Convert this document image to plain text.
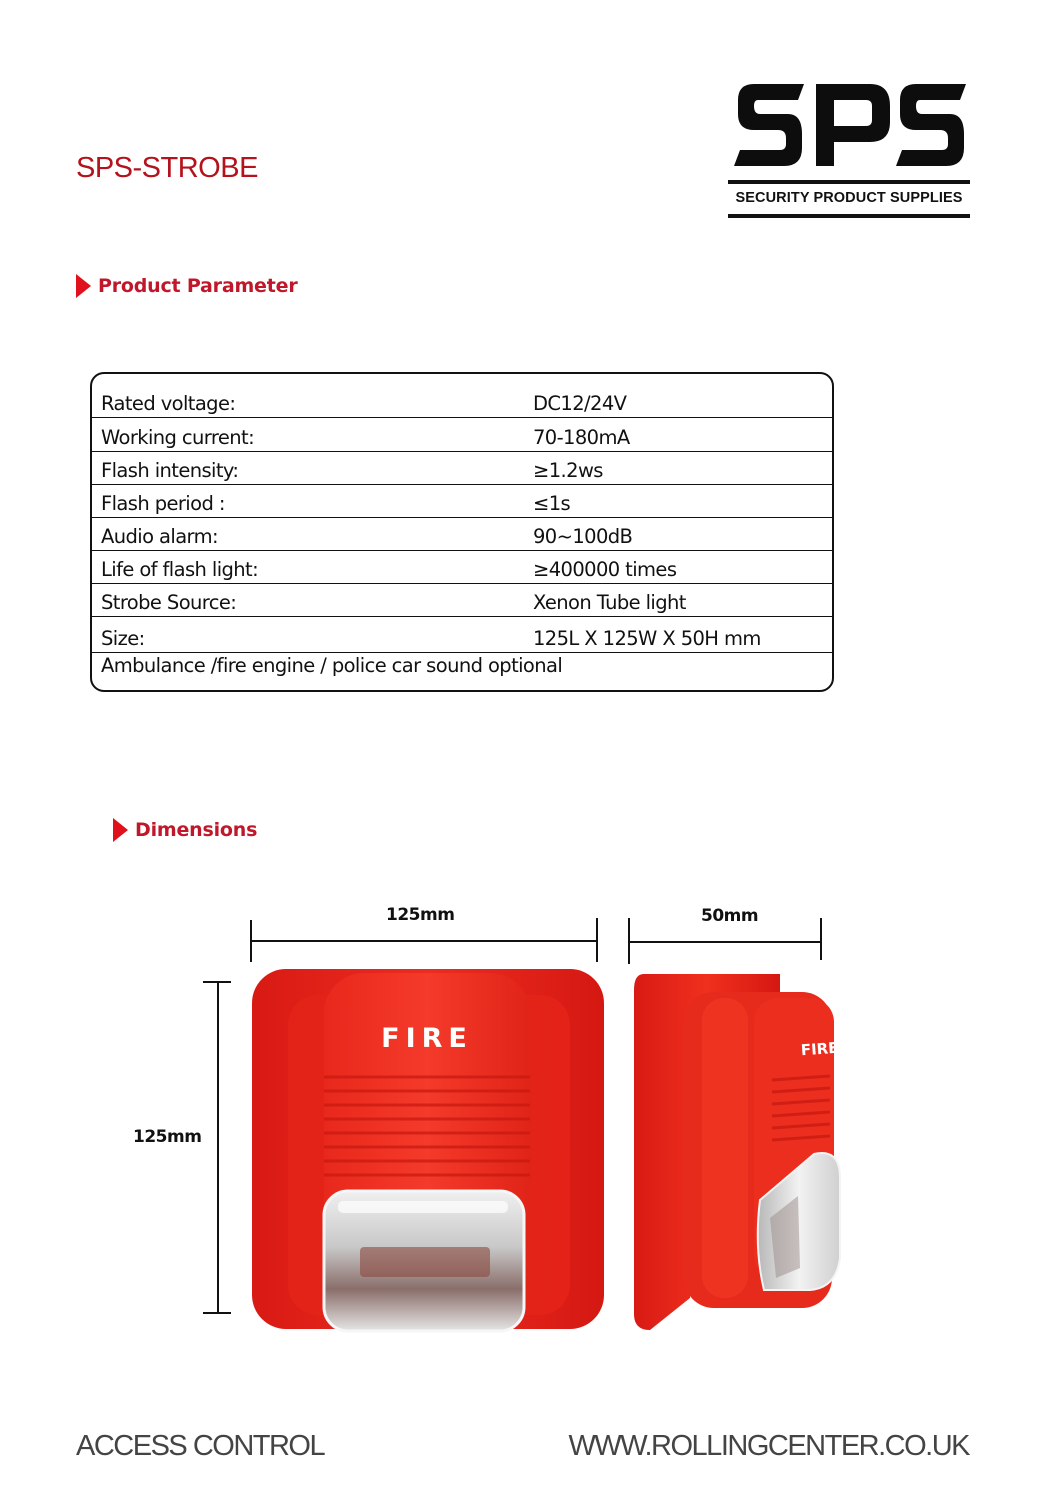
SPS-STROBE
SECURITY PRODUCT SUPPLIES
Product Parameter
Rated voltage:	DC12/24V
Working current:	70-180mA
Flash intensity:	≥1.2ws
Flash period :	≤1s
Audio alarm:	90~100dB
Life of flash light:	≥400000 times
Strobe Source:	Xenon Tube light
Size:	125L X 125W X 50H mm
Ambulance /fire engine / police car sound optional
Dimensions
125mm	50mm
125mm
FIRE	FIRE
ACCESS CONTROL	WWW.ROLLINGCENTER.CO.UK
